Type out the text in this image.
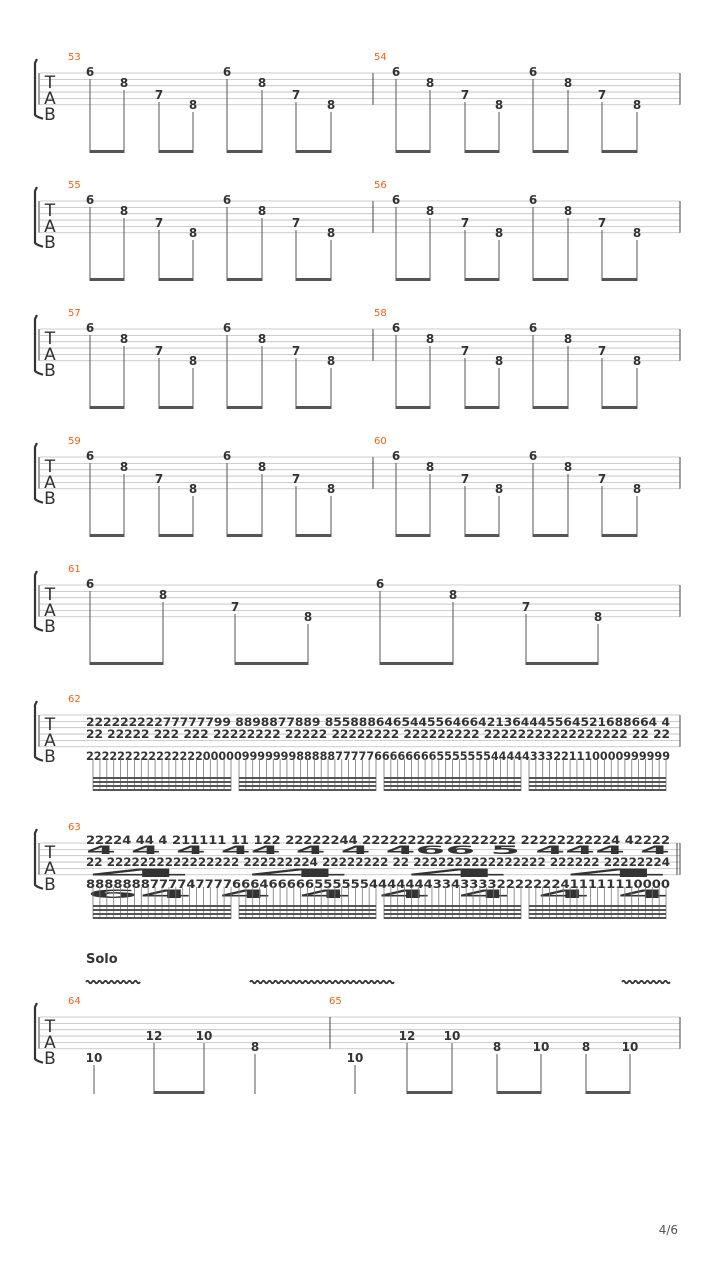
T
A
B
53
6
8
7
8
6
8
7
8
54
6
8
7
8
6
8
7
8
T
A
B
55
6
8
7
8
6
8
7
8
56
6
8
7
8
6
8
7
8
T
A
B
57
6
8
7
8
6
8
7
8
58
6
8
7
8
6
8
7
8
T
A
B
59
6
8
7
8
6
8
7
8
60
6
8
7
8
6
8
7
8
T
A
B
61
6
8
7
8
6
8
7
8
T
A
B
62
22222222277777799 8898877889 855888646544556466421364445564521688664 4
22 22222 222 222 22222222 22222 22222222 222222222 22222222222222222 22 22
222222222222222000009999999888887777766666666555555544444333221110000999999
T
A
B
63
22224 44 4 211111 11 122 22222244 22222222222222222 22222222224 42222
4 4 4 44 4 4 466 5 444 4
22 2222222222222222 222222224 22222222 22 2222222222222222 222222 22222224
4 4 4 4
8888888777747777666466666555555444444433433332222222411111110000
64 4 4 4 4 4 4
T
A
B
Solo
64	65
10
12	10
8
10
12 10
8	10	8	10
4/6
